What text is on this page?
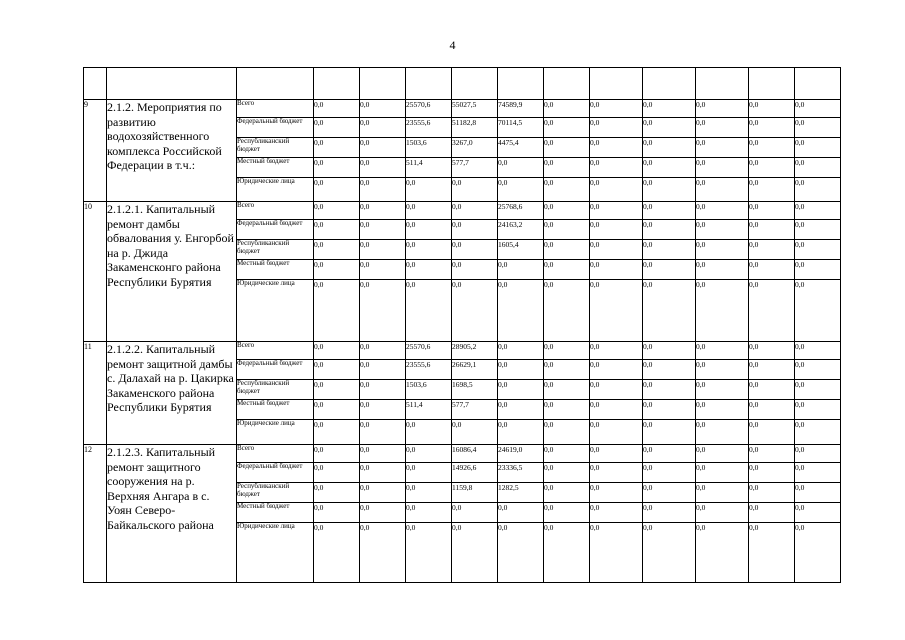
4

9	2.1.2. Мероприятия по развитию водохозяйственного комплекса Российской Федерации в т.ч.:	Всего	0,0	0,0	25570,6	55027,5	74589,9	0,0	0,0	0,0	0,0	0,0	0,0
		Федеральный бюджет	0,0	0,0	23555,6	51182,8	70114,5	0,0	0,0	0,0	0,0	0,0	0,0
		Республиканский бюджет	0,0	0,0	1503,6	3267,0	4475,4	0,0	0,0	0,0	0,0	0,0	0,0
		Местный бюджет	0,0	0,0	511,4	577,7	0,0	0,0	0,0	0,0	0,0	0,0	0,0
		Юридические лица	0,0	0,0	0,0	0,0	0,0	0,0	0,0	0,0	0,0	0,0	0,0
10	2.1.2.1. Капитальный ремонт дамбы обвалования у. Енгорбой на р. Джида Закаменсконго района Республики Бурятия	Всего	0,0	0,0	0,0	0,0	25768,6	0,0	0,0	0,0	0,0	0,0	0,0
		Федеральный бюджет	0,0	0,0	0,0	0,0	24163,2	0,0	0,0	0,0	0,0	0,0	0,0
		Республиканский бюджет	0,0	0,0	0,0	0,0	1605,4	0,0	0,0	0,0	0,0	0,0	0,0
		Местный бюджет	0,0	0,0	0,0	0,0	0,0	0,0	0,0	0,0	0,0	0,0	0,0
		Юридические лица	0,0	0,0	0,0	0,0	0,0	0,0	0,0	0,0	0,0	0,0	0,0
11	2.1.2.2. Капитальный ремонт защитной дамбы с. Далахай на р. Цакирка Закаменского района Республики Бурятия	Всего	0,0	0,0	25570,6	28905,2	0,0	0,0	0,0	0,0	0,0	0,0	0,0
		Федеральный бюджет	0,0	0,0	23555,6	26629,1	0,0	0,0	0,0	0,0	0,0	0,0	0,0
		Республиканский бюджет	0,0	0,0	1503,6	1698,5	0,0	0,0	0,0	0,0	0,0	0,0	0,0
		Местный бюджет	0,0	0,0	511,4	577,7	0,0	0,0	0,0	0,0	0,0	0,0	0,0
		Юридические лица	0,0	0,0	0,0	0,0	0,0	0,0	0,0	0,0	0,0	0,0	0,0
12	2.1.2.3. Капитальный ремонт защитного сооружения на р. Верхняя Ангара в с. Уоян Северо-Байкальского района	Всего	0,0	0,0	0,0	16086,4	24619,0	0,0	0,0	0,0	0,0	0,0	0,0
		Федеральный бюджет	0,0	0,0	0,0	14926,6	23336,5	0,0	0,0	0,0	0,0	0,0	0,0
		Республиканский бюджет	0,0	0,0	0,0	1159,8	1282,5	0,0	0,0	0,0	0,0	0,0	0,0
		Местный бюджет	0,0	0,0	0,0	0,0	0,0	0,0	0,0	0,0	0,0	0,0	0,0
		Юридические лица	0,0	0,0	0,0	0,0	0,0	0,0	0,0	0,0	0,0	0,0	0,0
